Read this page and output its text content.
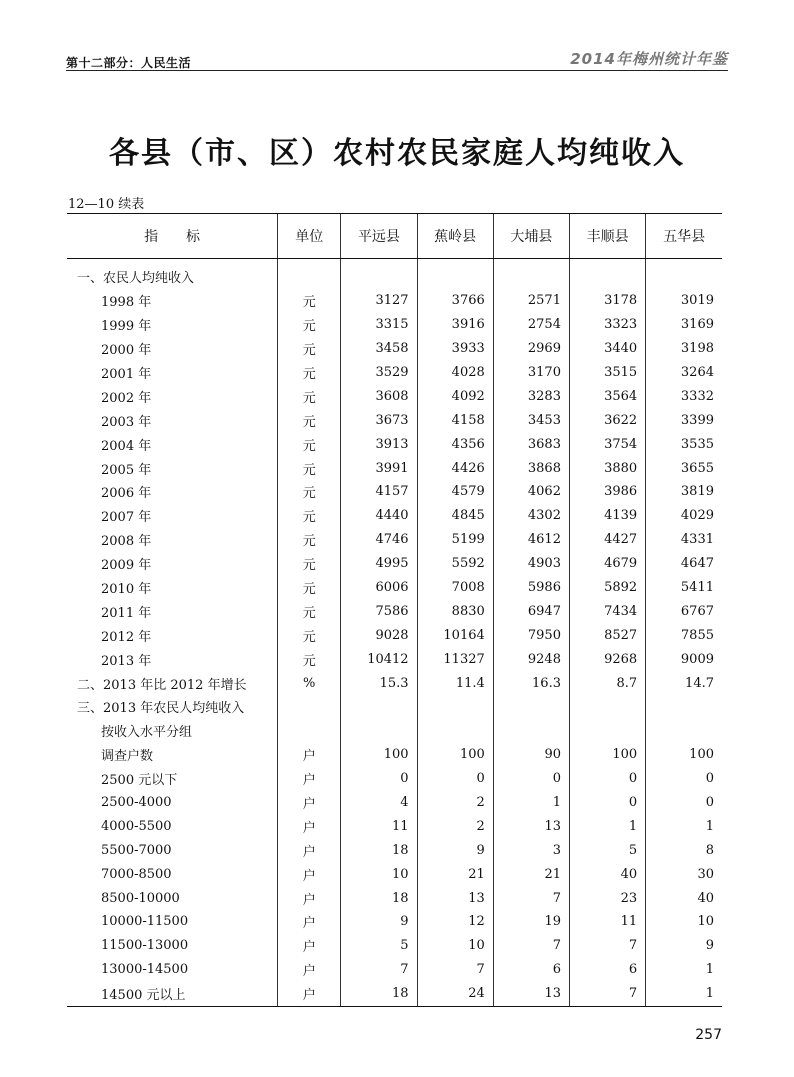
第十二部分：人民生活	2014年梅州统计年鉴
各县（市、区）农村农民家庭人均纯收入
12—10 续表
指　　标	单位	平远县	蕉岭县	大埔县	丰顺县	五华县
一、农民人均纯收入						
1998 年	元	3127	3766	2571	3178	3019
1999 年	元	3315	3916	2754	3323	3169
2000 年	元	3458	3933	2969	3440	3198
2001 年	元	3529	4028	3170	3515	3264
2002 年	元	3608	4092	3283	3564	3332
2003 年	元	3673	4158	3453	3622	3399
2004 年	元	3913	4356	3683	3754	3535
2005 年	元	3991	4426	3868	3880	3655
2006 年	元	4157	4579	4062	3986	3819
2007 年	元	4440	4845	4302	4139	4029
2008 年	元	4746	5199	4612	4427	4331
2009 年	元	4995	5592	4903	4679	4647
2010 年	元	6006	7008	5986	5892	5411
2011 年	元	7586	8830	6947	7434	6767
2012 年	元	9028	10164	7950	8527	7855
2013 年	元	10412	11327	9248	9268	9009
二、2013 年比 2012 年增长	%	15.3	11.4	16.3	8.7	14.7
三、2013 年农民人均纯收入						
按收入水平分组						
调查户数	户	100	100	90	100	100
2500 元以下	户	0	0	0	0	0
2500-4000	户	4	2	1	0	0
4000-5500	户	11	2	13	1	1
5500-7000	户	18	9	3	5	8
7000-8500	户	10	21	21	40	30
8500-10000	户	18	13	7	23	40
10000-11500	户	9	12	19	11	10
11500-13000	户	5	10	7	7	9
13000-14500	户	7	7	6	6	1
14500 元以上	户	18	24	13	7	1
257
